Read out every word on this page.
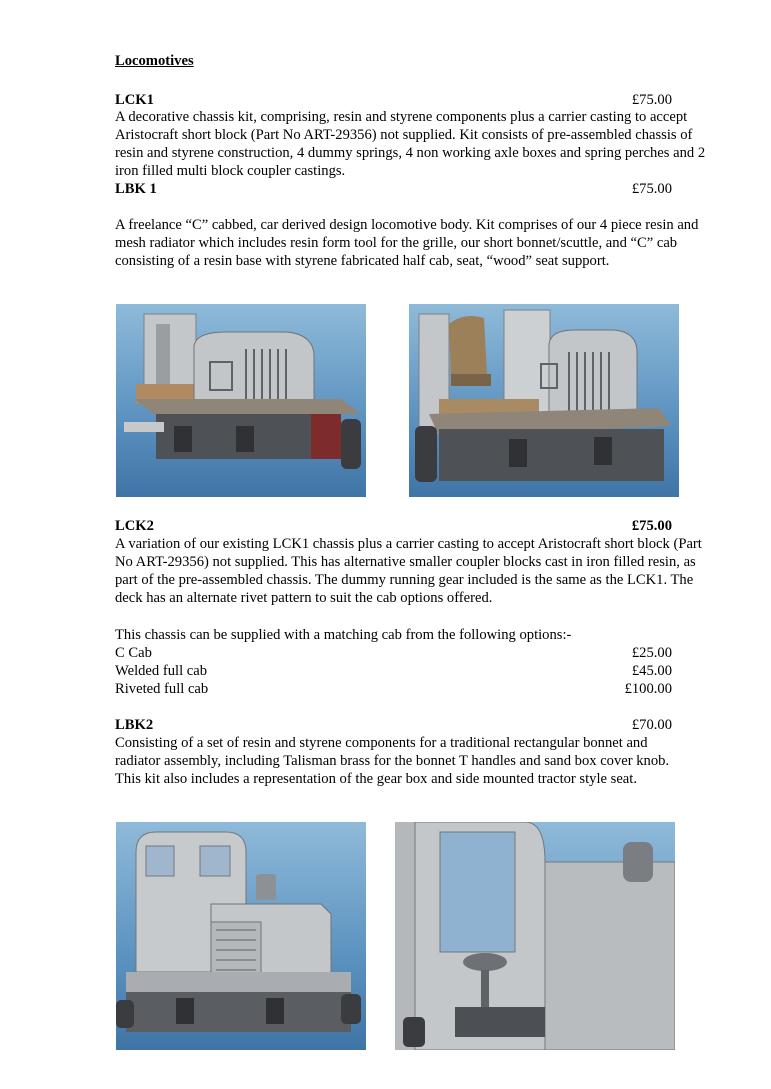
Locomotives
LCK1	£75.00

A decorative chassis kit, comprising, resin and styrene components plus a carrier casting to accept Aristocraft short block (Part No ART-29356) not supplied. Kit consists of pre-assembled chassis of resin and styrene construction, 4 dummy springs, 4 non working axle boxes and spring perches and 2 iron filled multi block coupler castings.

LBK 1	£75.00

A freelance “C” cabbed, car derived design locomotive body. Kit comprises of our 4 piece resin and mesh radiator which includes resin form tool for the grille, our short bonnet/scuttle, and “C” cab consisting of a resin base with styrene fabricated half cab, seat, “wood” seat support.

LCK2	£75.00

A variation of our existing LCK1 chassis plus a carrier casting to accept Aristocraft short block (Part No ART-29356) not supplied. This has alternative smaller coupler blocks cast in iron filled resin, as part of the pre-assembled chassis. The dummy running gear included is the same as the LCK1. The deck has an alternate rivet pattern to suit the cab options offered.

This chassis can be supplied with a matching cab from the following options:-

C Cab	£25.00
Welded full cab	£45.00
Riveted full cab	£100.00
LBK2	£70.00

Consisting of a set of resin and styrene components for a traditional rectangular bonnet and radiator assembly, including Talisman brass for the bonnet T handles and sand box cover knob. This kit also includes a representation of the gear box and side mounted tractor style seat.
